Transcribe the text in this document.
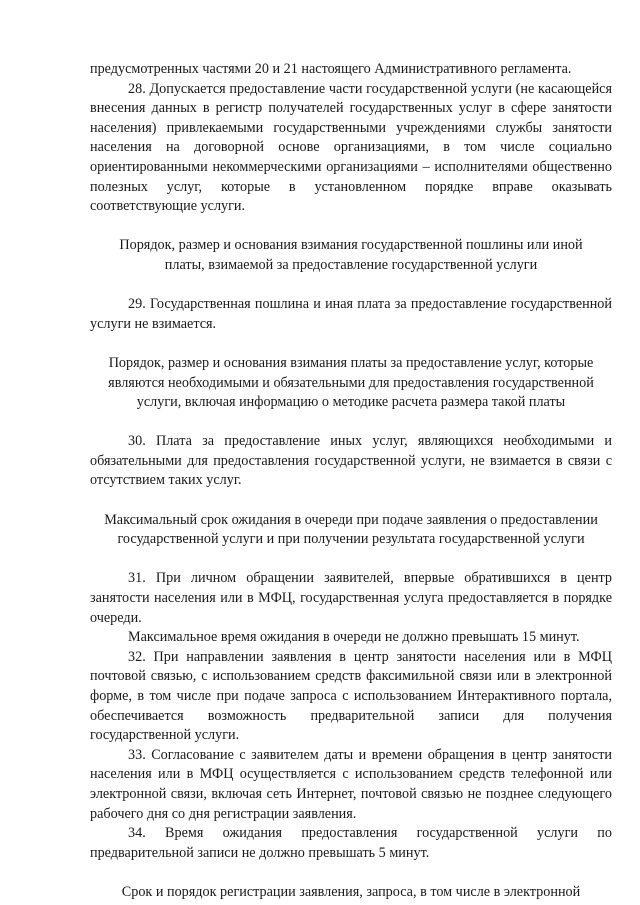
предусмотренных частями 20 и 21 настоящего Административного регламента.

28. Допускается предоставление части государственной услуги (не касающейся внесения данных в регистр получателей государственных услуг в сфере занятости населения) привлекаемыми государственными учреждениями службы занятости населения на договорной основе организациями, в том числе социально ориентированными некоммерческими организациями – исполнителями общественно полезных услуг, которые в установленном порядке вправе оказывать соответствующие услуги.

Порядок, размер и основания взимания государственной пошлины или иной платы, взимаемой за предоставление государственной услуги

29. Государственная пошлина и иная плата за предоставление государственной услуги не взимается.

Порядок, размер и основания взимания платы за предоставление услуг, которые являются необходимыми и обязательными для предоставления государственной услуги, включая информацию о методике расчета размера такой платы

30. Плата за предоставление иных услуг, являющихся необходимыми и обязательными для предоставления государственной услуги, не взимается в связи с отсутствием таких услуг.

Максимальный срок ожидания в очереди при подаче заявления о предоставлении государственной услуги и при получении результата государственной услуги

31. При личном обращении заявителей, впервые обратившихся в центр занятости населения или в МФЦ, государственная услуга предоставляется в порядке очереди.

Максимальное время ожидания в очереди не должно превышать 15 минут.

32. При направлении заявления в центр занятости населения или в МФЦ почтовой связью, с использованием средств факсимильной связи или в электронной форме, в том числе при подаче запроса с использованием Интерактивного портала, обеспечивается возможность предварительной записи для получения государственной услуги.

33. Согласование с заявителем даты и времени обращения в центр занятости населения или в МФЦ осуществляется с использованием средств телефонной или электронной связи, включая сеть Интернет, почтовой связью не позднее следующего рабочего дня со дня регистрации заявления.

34. Время ожидания предоставления государственной услуги по предварительной записи не должно превышать 5 минут.

Срок и порядок регистрации заявления, запроса, в том числе в электронной
